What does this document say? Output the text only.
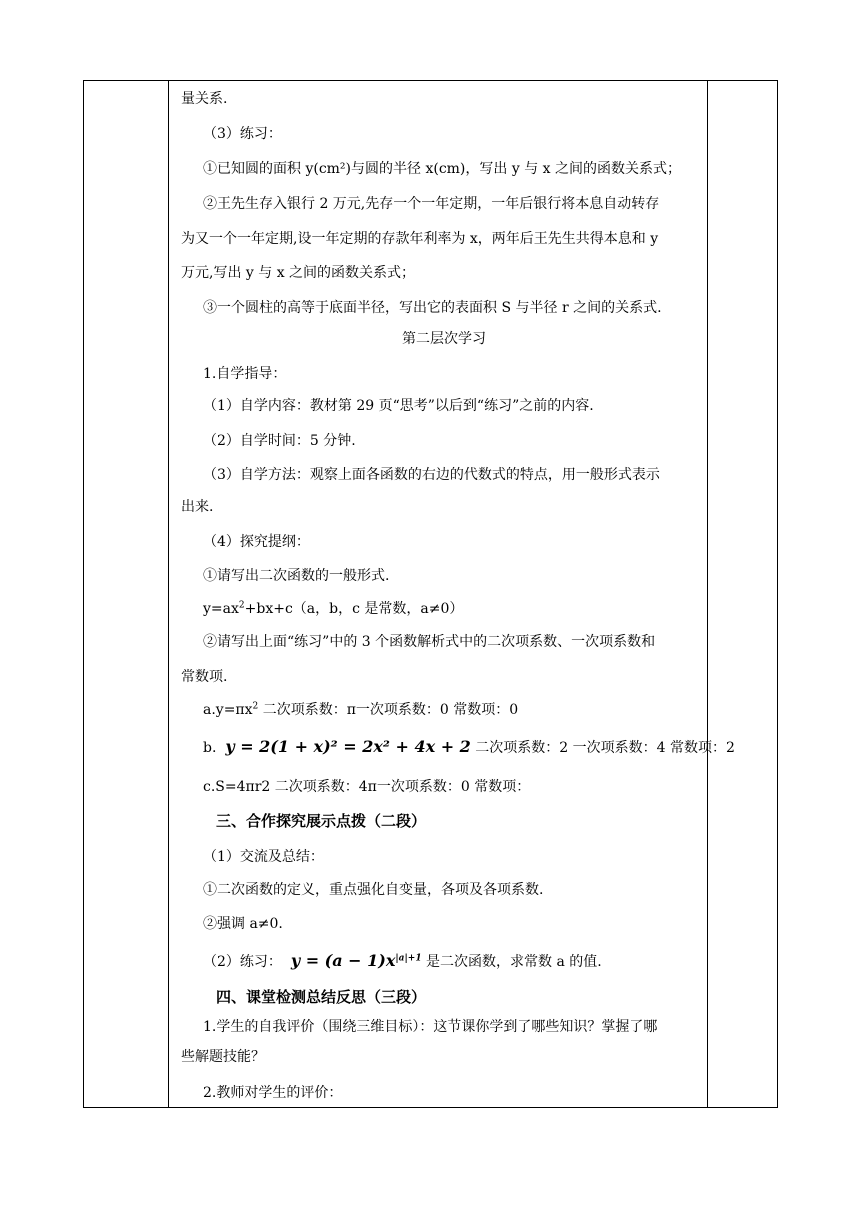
量关系.
（3）练习：
①已知圆的面积 y(cm²)与圆的半径 x(cm)，写出 y 与 x 之间的函数关系式；
②王先生存入银行 2 万元,先存一个一年定期，一年后银行将本息自动转存
为又一个一年定期,设一年定期的存款年利率为 x，两年后王先生共得本息和 y
万元,写出 y 与 x 之间的函数关系式；
③一个圆柱的高等于底面半径，写出它的表面积 S 与半径 r 之间的关系式.
第二层次学习
1.自学指导：
（1）自学内容：教材第 29 页“思考”以后到“练习”之前的内容.
（2）自学时间：5 分钟.
（3）自学方法：观察上面各函数的右边的代数式的特点，用一般形式表示
出来.
（4）探究提纲：
①请写出二次函数的一般形式.
$y=ax^2+bx+c(a$，b，c 是常数，a≠0）
②请写出上面“练习”中的 3 个函数解析式中的二次项系数、一次项系数和
常数项.
$a.y=\pi x^2$ 二次项系数：π一次项系数：0 常数项：0
b. y = 2(1 + x)² = 2x² + 4x + 2 二次项系数：2 一次项系数：4 常数项：2
c.S=4πr2 二次项系数：4π一次项系数：0 常数项：
三、合作探究展示点拨（二段）
（1）交流及总结：
①二次函数的定义，重点强化自变量，各项及各项系数.
②强调 a≠0.
（2）练习： $y = (a - 1)x^{|a|+1}$ 是二次函数，求常数 a 的值.
四、课堂检测总结反思（三段）
1.学生的自我评价（围绕三维目标）：这节课你学到了哪些知识？掌握了哪
些解题技能？
2.教师对学生的评价：
